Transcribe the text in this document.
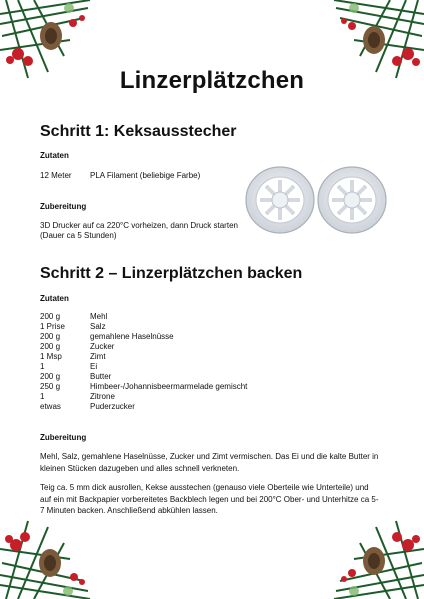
Linzerplätzchen
Schritt 1: Keksausstecher
Zutaten
12 Meter PLA Filament (beliebige Farbe)
Zubereitung
3D Drucker auf ca 220°C vorheizen, dann Druck starten (Dauer ca 5 Stunden)
Schritt 2 – Linzerplätzchen backen
Zutaten
200 g	Mehl
1 Prise	Salz
200 g	gemahlene Haselnüsse
200 g	Zucker
1 Msp	Zimt
1	Ei
200 g	Butter
250 g	Himbeer-/Johannisbeermarmelade gemischt
1	Zitrone
etwas	Puderzucker
Zubereitung

Mehl, Salz, gemahlene Haselnüsse, Zucker und Zimt vermischen. Das Ei und die kalte Butter in kleinen Stücken dazugeben und alles schnell verkneten.

Teig ca. 5 mm dick ausrollen, Kekse ausstechen (genauso viele Oberteile wie Unterteile) und auf ein mit Backpapier vorbereitetes Backblech legen und bei 200°C Ober- und Unterhitze ca 5-7 Minuten backen. Anschließend abkühlen lassen.
